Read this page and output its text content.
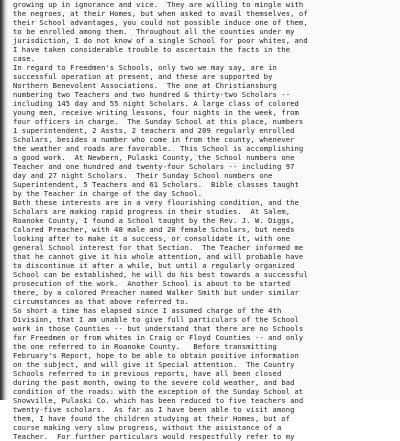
growing up in ignorance and vice.  They are willing to mingle with
the negroes, at their Homes, but when asked to avail themselves, of
their School advantages, you could not possible induce one of them,
to be enrolled among them.  Throughout all the counties under my
jurisdiction, I do not know of a single School for poor whites, and
I have taken considerable trouble to ascertain the facts in the
case.
In regard to Freedmen's Schools, only two we may say, are in
successful operation at present, and these are supported by
Northern Benevolent Associations.  The one at Christiansburg
numbering two Teachers and two hundred & thirty-two Scholars --
including 145 day and 55 night Scholars. A large class of colored
young men, receive writing lessons, four nights in the week, from
four officers in charge.  The Sunday School at this place, numbers
1 superintendent, 2 Assts, 2 teachers and 209 regularly enrolled
Scholars, besides a number who come in from the county, whenever
the weather and roads are favorable.  This School is accomplishing
a good work.  At Newbern, Pulaski County, the School numbers one
Teacher and one hundred and twenty-four Scholars -- including 97
day and 27 night Scholars.  Their Sunday School numbers one
Superintendent, 5 Teachers and 61 Scholars.  Bible classes taught
by the Teacher in charge of the day School.
Both these interests are in a very flourishing condition, and the
Scholars are making rapid progress in their studies.  At Salem,
Roanoke County, I found a School taught by the Rev. J. W. Diggs,
Colored Preacher, with 48 male and 20 female Scholars, but needs
looking after to make it a success, or consolidate it, with one
general School interest for that Section.  The Teacher informed me
that he cannot give it his whole attention, and will probable have
to discontinue it after a while, but until a regularly organized
School can be established, he will do his best towards a successful
prosecution of the work.  Another School is about to be started
there, by a colored Preacher named Walker Smith but under similar
circumstances as that above referred to.
So short a time has elapsed since I assumed charge of the 4th
Division, that I am unable to give full particulars of the School
work in those Counties -- but understand that there are no Schools
for Freedmen or from whites in Craig or Floyd Counties -- and only
the one referred to in Roanoke County.   Before transmitting
February's Report, hope to be able to obtain positive information
on the subject, and will give it Special attention.  The Country
Schools referred to in previous reports, have all been closed
during the past month, owing to the severe cold weather, and bad
condition of the roads: with the exception of the Sunday School at
Snowville, Pulaski Co. which has been reduced to five teachers and
twenty-five scholars.  As far as I have been able to visit among
them, I have found the children studying at their Homes, but of
course making very slow progress, without the assistance of a
Teacher.  For further particulars would respectfully refer to my
